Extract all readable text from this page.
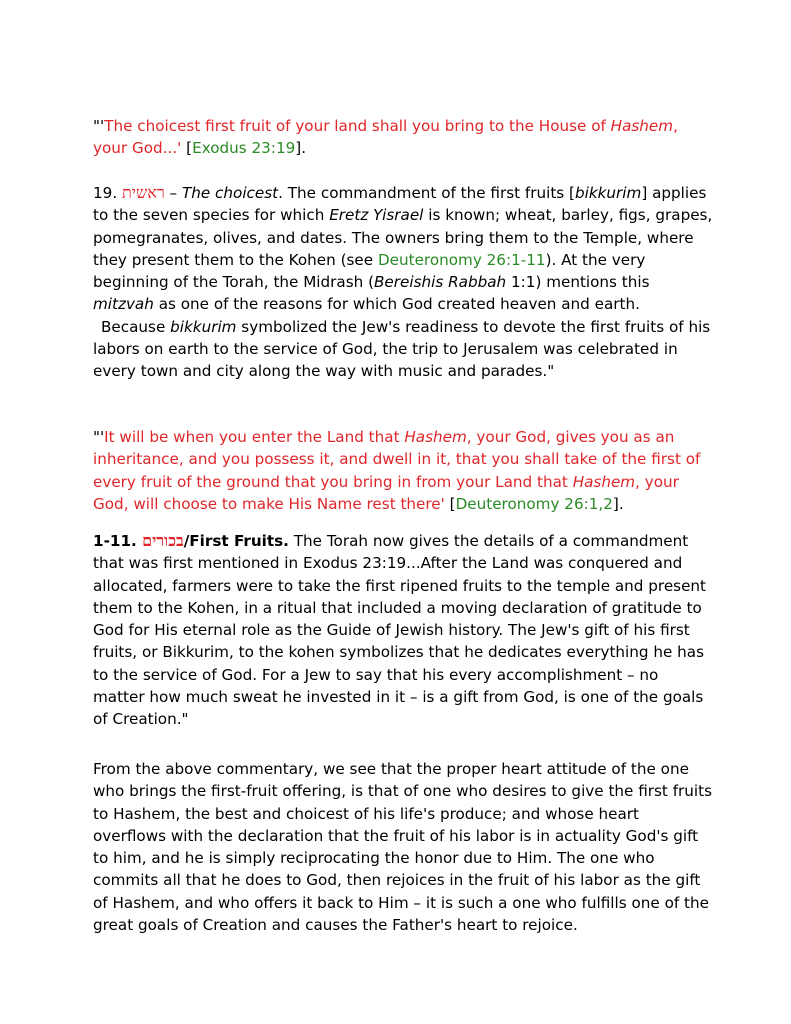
"'The choicest first fruit of your land shall you bring to the House of Hashem, your God...' [Exodus 23:19].

19. ראשית – The choicest. The commandment of the first fruits [bikkurim] applies to the seven species for which Eretz Yisrael is known; wheat, barley, figs, grapes, pomegranates, olives, and dates. The owners bring them to the Temple, where they present them to the Kohen (see Deuteronomy 26:1-11). At the very beginning of the Torah, the Midrash (Bereishis Rabbah 1:1) mentions this mitzvah as one of the reasons for which God created heaven and earth.

Because bikkurim symbolized the Jew's readiness to devote the first fruits of his labors on earth to the service of God, the trip to Jerusalem was celebrated in every town and city along the way with music and parades."

"'It will be when you enter the Land that Hashem, your God, gives you as an inheritance, and you possess it, and dwell in it, that you shall take of the first of every fruit of the ground that you bring in from your Land that Hashem, your God, will choose to make His Name rest there' [Deuteronomy 26:1,2].

1-11. בכורים/First Fruits. The Torah now gives the details of a commandment that was first mentioned in Exodus 23:19...After the Land was conquered and allocated, farmers were to take the first ripened fruits to the temple and present them to the Kohen, in a ritual that included a moving declaration of gratitude to God for His eternal role as the Guide of Jewish history. The Jew's gift of his first fruits, or Bikkurim, to the kohen symbolizes that he dedicates everything he has to the service of God. For a Jew to say that his every accomplishment – no matter how much sweat he invested in it – is a gift from God, is one of the goals of Creation."

From the above commentary, we see that the proper heart attitude of the one who brings the first-fruit offering, is that of one who desires to give the first fruits to Hashem, the best and choicest of his life's produce; and whose heart overflows with the declaration that the fruit of his labor is in actuality God's gift to him, and he is simply reciprocating the honor due to Him. The one who commits all that he does to God, then rejoices in the fruit of his labor as the gift of Hashem, and who offers it back to Him – it is such a one who fulfills one of the great goals of Creation and causes the Father's heart to rejoice.
